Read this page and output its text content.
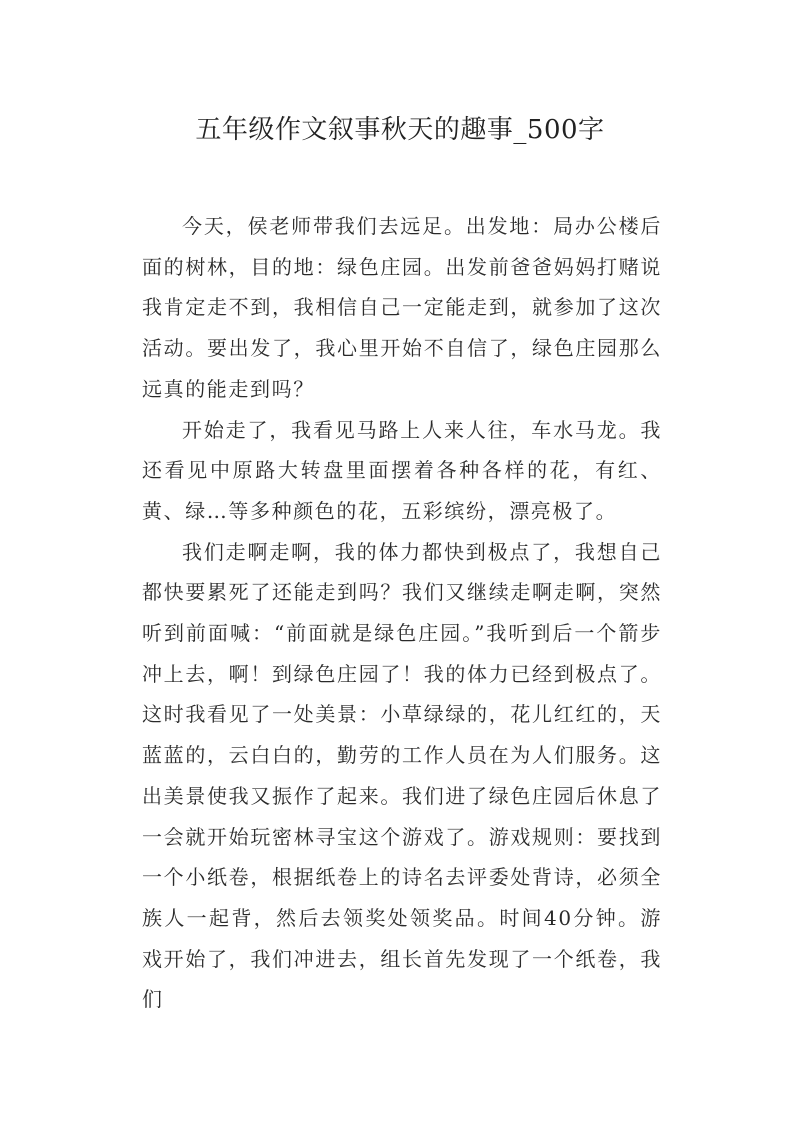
五年级作文叙事秋天的趣事_500字

今天，侯老师带我们去远足。出发地：局办公楼后面的树林，目的地：绿色庄园。出发前爸爸妈妈打赌说我肯定走不到，我相信自己一定能走到，就参加了这次活动。要出发了，我心里开始不自信了，绿色庄园那么远真的能走到吗？

开始走了，我看见马路上人来人往，车水马龙。我还看见中原路大转盘里面摆着各种各样的花，有红、黄、绿…等多种颜色的花，五彩缤纷，漂亮极了。

我们走啊走啊，我的体力都快到极点了，我想自己都快要累死了还能走到吗？我们又继续走啊走啊，突然听到前面喊：“前面就是绿色庄园。”我听到后一个箭步冲上去，啊！到绿色庄园了！我的体力已经到极点了。这时我看见了一处美景：小草绿绿的，花儿红红的，天蓝蓝的，云白白的，勤劳的工作人员在为人们服务。这出美景使我又振作了起来。我们进了绿色庄园后休息了一会就开始玩密林寻宝这个游戏了。游戏规则：要找到一个小纸卷，根据纸卷上的诗名去评委处背诗，必须全族人一起背，然后去领奖处领奖品。时间40分钟。游戏开始了，我们冲进去，组长首先发现了一个纸卷，我们
